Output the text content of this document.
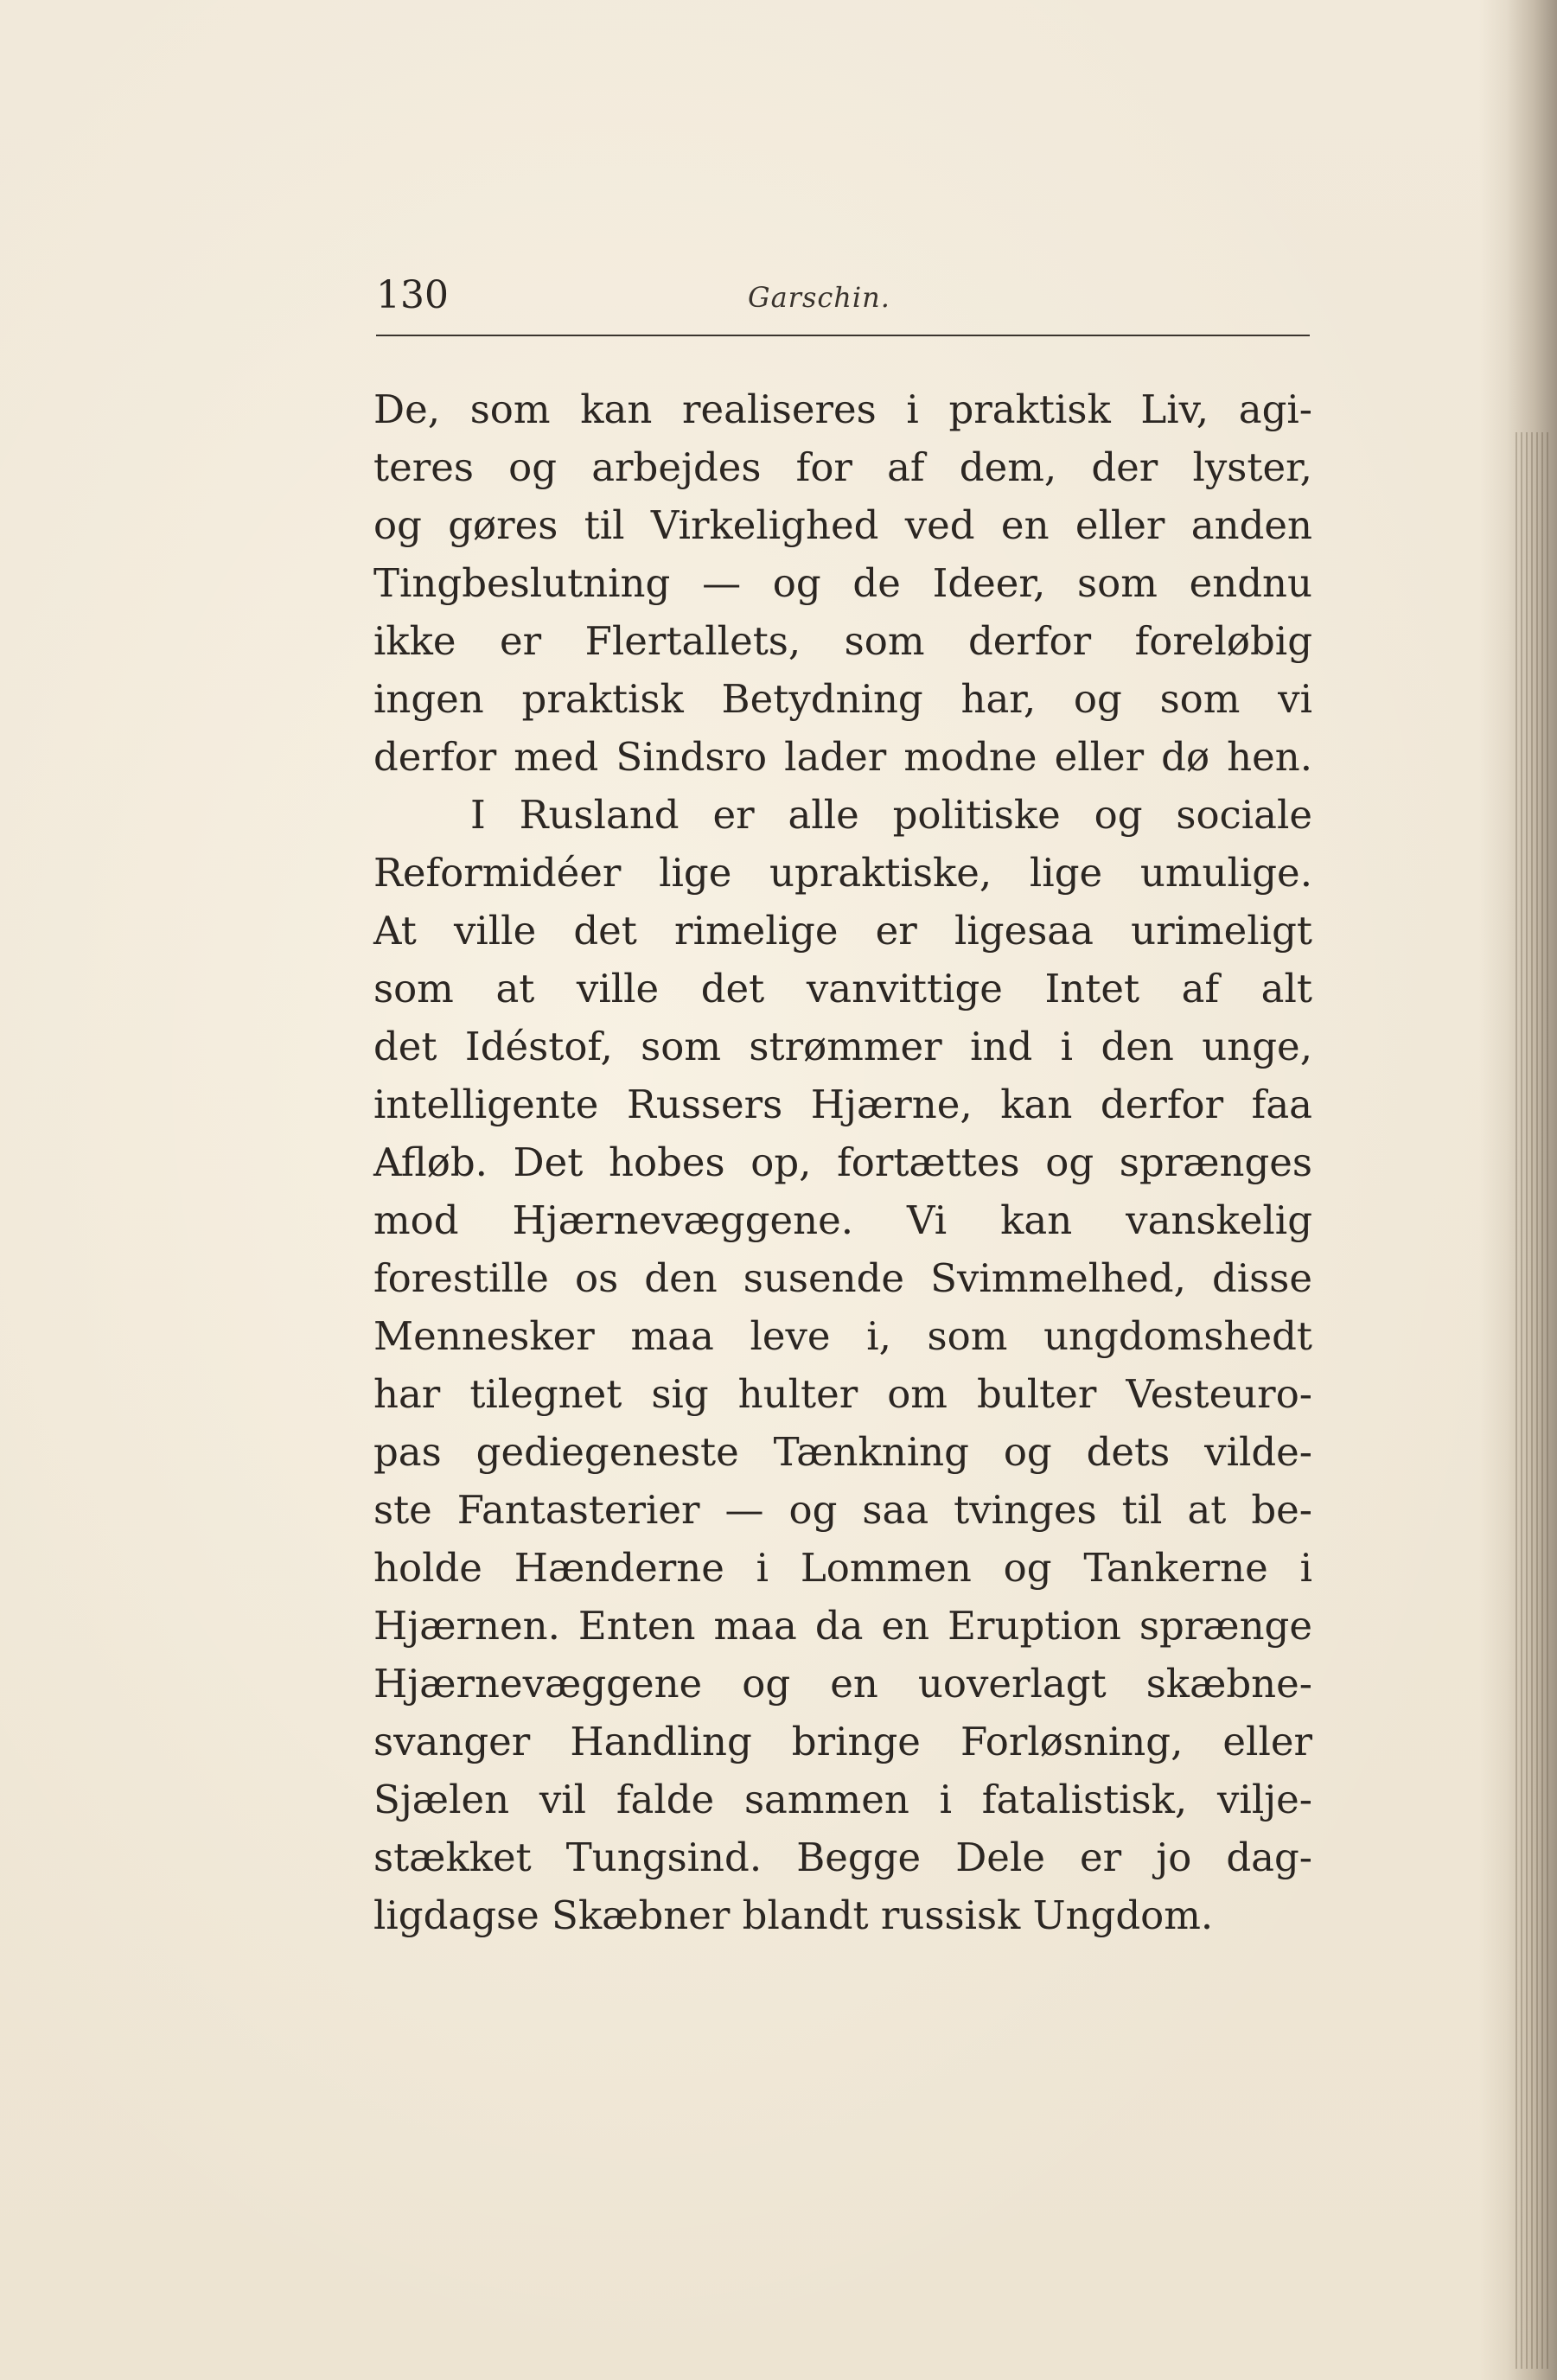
130	Garschin.
De, som kan realiseres i praktisk Liv, agi-
teres og arbejdes for af dem, der lyster,
og gøres til Virkelighed ved en eller anden
Tingbeslutning — og de Ideer, som endnu
ikke er Flertallets, som derfor foreløbig
ingen praktisk Betydning har, og som vi
derfor med Sindsro lader modne eller dø hen.
I Rusland er alle politiske og sociale
Reformidéer lige upraktiske, lige umulige.
At ville det rimelige er ligesaa urimeligt
som at ville det vanvittige Intet af alt
det Idéstof, som strømmer ind i den unge,
intelligente Russers Hjærne, kan derfor faa
Afløb. Det hobes op, fortættes og sprænges
mod Hjærnevæggene. Vi kan vanskelig
forestille os den susende Svimmelhed, disse
Mennesker maa leve i, som ungdomshedt
har tilegnet sig hulter om bulter Vesteuro-
pas gediegeneste Tænkning og dets vilde-
ste Fantasterier — og saa tvinges til at be-
holde Hænderne i Lommen og Tankerne i
Hjærnen. Enten maa da en Eruption sprænge
Hjærnevæggene og en uoverlagt skæbne-
svanger Handling bringe Forløsning, eller
Sjælen vil falde sammen i fatalistisk, vilje-
stækket Tungsind. Begge Dele er jo dag-
ligdagse Skæbner blandt russisk Ungdom.
